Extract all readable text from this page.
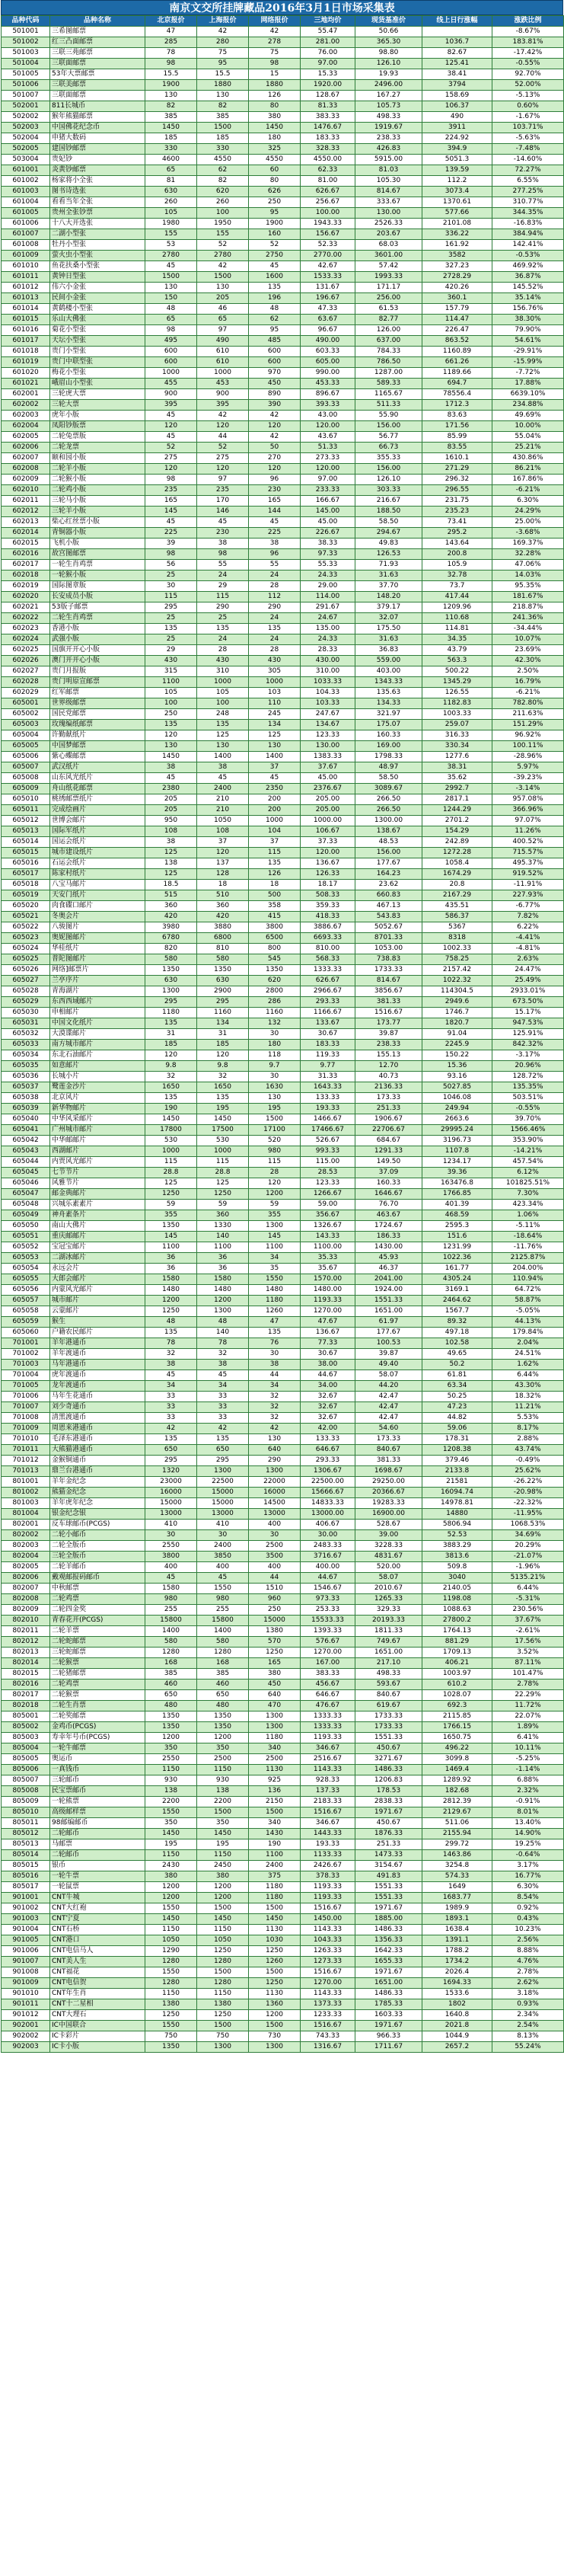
南京文交所挂牌藏品2016年3月1日市场采集表
品种代码	品种名称	北京报价	上海报价	网络报价	三地均价	现货基准价	线上日行涨幅	涨跌比例
501001	三希图邮票	47	42	42	55.47	50.66		-8.67%
501002	红三凸面邮票	285	280	278	281.00	365.30	1036.7	183.81%
501003	三联三苑邮票	78	75	75	76.00	98.80	82.67	-17.42%
501004	三联面邮票	98	95	98	97.00	126.10	125.41	-0.55%
501005	53年大票邮票	15.5	15.5	15	15.33	19.93	38.41	92.70%
501006	三联美邮票	1900	1880	1880	1920.00	2496.00	3794	52.00%
501007	三联面邮票	130	130	126	128.67	167.27	158.69	-5.13%
502001	811长城币	82	82	80	81.33	105.73	106.37	0.60%
502002	猴年熊猫邮票	385	385	380	383.33	498.33	490	-1.67%
502003	中国佛花纪念币	1450	1500	1450	1476.67	1919.67	3911	103.71%
502004	申猪大数码	185	185	180	183.33	238.33	224.92	-5.63%
502005	建国钞邮票	330	330	325	328.33	426.83	394.9	-7.48%
503004	贵妃钞	4600	4550	4550	4550.00	5915.00	5051.3	-14.60%
601001	炎黄钞邮票	65	62	60	62.33	81.03	139.59	72.27%
601002	杨家将小全张	81	82	80	81.00	105.30	112.2	6.55%
601003	图书诗选张	630	620	626	626.67	814.67	3073.4	277.25%
601004	看看当年全张	260	260	250	256.67	333.67	1370.61	310.77%
601005	贵州全张钞票	105	100	95	100.00	130.00	577.66	344.35%
601006	十八大开选张	1980	1950	1900	1943.33	2526.33	2101.08	-16.83%
601007	二湖小型张	155	155	160	156.67	203.67	336.22	384.94%
601008	牡丹小型张	53	52	52	52.33	68.03	161.92	142.41%
601009	萤火虫小型张	2780	2780	2750	2770.00	3601.00	3582	-0.53%
601010	鱼花扶桑小型张	45	42	45	42.67	57.42	327.23	469.92%
601011	黄钟日型张	1500	1500	1600	1533.33	1993.33	2728.29	36.87%
601012	伟六小金张	130	130	135	131.67	171.17	420.26	145.52%
601013	民间小金张	150	205	196	196.67	256.00	360.1	35.14%
601014	黄鹤楼小型张	48	46	48	47.33	61.53	157.79	156.76%
601015	乐山大佛张	65	65	62	63.67	82.77	114.47	38.30%
601016	菊花小型张	98	97	95	96.67	126.00	226.47	79.90%
601017	天坛小型张	495	490	485	490.00	637.00	863.52	54.61%
601018	贵门小型张	600	610	600	603.33	784.33	1160.89	-29.91%
601019	贵门中联型张	600	610	600	605.00	786.50	661.26	-15.99%
601020	梅花小型张	1000	1000	970	990.00	1287.00	1189.66	-7.72%
601021	峨眉山小型张	455	453	450	453.33	589.33	694.7	17.88%
602001	三轮虎大票	900	900	890	896.67	1165.67	78556.4	6639.10%
602002	三轮大票	395	395	390	393.33	511.33	1712.3	234.88%
602003	虎年小版	45	42	42	43.00	55.90	83.63	49.69%
602004	凤阳钞版票	120	120	120	120.00	156.00	171.56	10.00%
602005	二轮兔票版	45	44	42	43.67	56.77	85.99	55.04%
602006	二轮龙票	52	52	50	51.33	66.73	83.55	25.21%
602007	颐和园小版	275	275	270	273.33	355.33	1610.1	430.86%
602008	二轮羊小版	120	120	120	120.00	156.00	271.29	86.21%
602009	二轮猴小版	98	97	96	97.00	126.10	296.32	167.86%
602010	二轮鸡小版	235	235	230	233.33	303.33	296.55	-6.21%
602011	三轮马小版	165	170	165	166.67	216.67	231.75	6.30%
602012	三轮羊小版	145	146	144	145.00	188.50	235.23	24.29%
602013	柴心红丝票小版	45	45	45	45.00	58.50	73.41	25.00%
602014	青铜器小版	225	230	225	226.67	294.67	295.2	-3.68%
602015	飞机小版	39	38	38	38.33	49.83	143.64	169.37%
602016	故宫图邮票	98	98	96	97.33	126.53	200.8	32.28%
602017	一轮生肖鸡票	56	55	55	55.33	71.93	105.9	47.06%
602018	一轮猴小版	25	24	24	24.33	31.63	32.78	14.03%
602019	国际图章版	30	29	28	29.00	37.70	73.7	95.35%
602020	长安成员小版	115	115	112	114.00	148.20	417.44	181.67%
602021	53版子邮票	295	290	290	291.67	379.17	1209.96	218.87%
602022	二轮生肖鸡票	25	25	24	24.67	32.07	110.68	241.36%
602023	香港小版	135	135	135	135.00	175.50	114.81	-34.44%
602024	武强小版	25	24	24	24.33	31.63	34.35	10.07%
602025	国旗开开心小版	29	28	28	28.33	36.83	43.79	23.69%
602026	澳门开开心小版	430	430	430	430.00	559.00	563.3	42.30%
602027	贵门月报版	315	310	305	310.00	403.00	500.22	2.50%
602028	贵门明原宣邮票	1100	1000	1000	1033.33	1343.33	1345.29	16.79%
602029	红军邮票	105	105	103	104.33	135.63	126.55	-6.21%
605001	世界级邮票	100	100	110	103.33	134.33	1182.83	782.80%
605002	国民党邮票	250	248	245	247.67	321.97	1003.33	211.63%
605003	玫瑰编纸邮票	135	135	134	134.67	175.07	259.07	151.29%
605004	许勤献纸片	120	125	125	123.33	160.33	316.33	96.92%
605005	中国梦邮票	130	130	130	130.00	169.00	330.34	100.11%
605006	紫心蝶邮票	1450	1400	1400	1383.33	1798.33	1277.6	-28.96%
605007	武汉纸片	38	38	37	37.67	48.97	38.31	5.97%
605008	山东风光纸片	45	45	45	45.00	58.50	35.62	-39.23%
605009	舟山纸花邮票	2380	2400	2350	2376.67	3089.67	2992.7	-3.14%
605010	桃绣邮票纸片	205	210	200	205.00	266.50	2817.1	957.08%
605011	完成绘画片	205	210	200	205.00	266.50	1244.29	366.96%
605012	世博会邮片	950	1050	1000	1000.00	1300.00	2701.2	97.07%
605013	国际军纸片	108	108	104	106.67	138.67	154.29	11.26%
605014	国运会纸片	38	37	37	37.33	48.53	242.89	400.52%
605015	城市建设纸片	125	120	115	120.00	156.00	1272.28	715.57%
605016	石运会纸片	138	137	135	136.67	177.67	1058.4	495.37%
605017	陈家村纸片	125	128	126	126.33	164.23	1674.29	919.52%
605018	八宝马邮片	18.5	18	18	18.17	23.62	20.8	-11.91%
605019	天安门纸片	515	510	500	508.33	660.83	2167.29	227.93%
605020	肉食碟口邮片	360	360	358	359.33	467.13	435.51	-6.77%
605021	冬奥会片	420	420	415	418.33	543.83	586.37	7.82%
605022	八骏图片	3980	3880	3800	3886.67	5052.67	5367	6.22%
605023	奥妮图邮片	6780	6800	6500	6693.33	8701.33	8318	-4.41%
605024	华桂纸片	820	810	800	810.00	1053.00	1002.33	-4.81%
605025	普陀图邮片	580	580	545	568.33	738.83	758.25	2.63%
605026	网络]邮票片	1350	1350	1350	1333.33	1733.33	2157.42	24.47%
605027	兰亭序片	630	630	620	626.67	814.67	1022.32	25.49%
605028	青海湖片	1300	2900	2800	2966.67	3856.67	114304.5	2933.01%
605029	东西西域邮片	295	295	286	293.33	381.33	2949.6	673.50%
605030	申相邮片	1180	1160	1160	1166.67	1516.67	1746.7	15.17%
605031	中国文化纸片	135	134	132	133.67	173.77	1820.7	947.53%
605032	大漠谍邮片	31	31	30	30.67	39.87	91.04	125.91%
605033	南方城市邮片	185	185	180	183.33	238.33	2245.9	842.32%
605034	东北石油邮片	120	120	118	119.33	155.13	150.22	-3.17%
605035	如意邮片	9.8	9.8	9.7	9.77	12.70	15.36	20.96%
605036	长城小片	32	32	30	31.33	40.73	93.16	128.72%
605037	鹭莲金沙片	1650	1650	1630	1643.33	2136.33	5027.85	135.35%
605038	北京风片	135	135	130	133.33	173.33	1046.08	503.51%
605039	新华物邮片	190	195	195	193.33	251.33	249.94	-0.55%
605040	中华风采邮片	1450	1450	1500	1466.67	1906.67	2663.6	39.70%
605041	广州城市邮片	17800	17500	17100	17466.67	22706.67	29995.24	1566.46%
605042	中华邮邮片	530	530	520	526.67	684.67	3196.73	353.90%
605043	西湖邮片	1000	1000	980	993.33	1291.33	1107.8	-14.21%
605044	内贾风光邮片	115	115	115	115.00	149.50	1234.17	457.54%
605045	七节节片	28.8	28.8	28	28.53	37.09	39.36	6.12%
605046	风雅节片	125	125	120	123.33	160.33	163476.8	101825.51%
605047	邮金典邮片	1250	1250	1200	1266.67	1646.67	1766.85	7.30%
605048	兴城乐素素片	59	59	59	59.00	76.70	401.39	423.34%
605049	神舟素条片	355	360	355	356.67	463.67	468.59	1.06%
605050	南山大佛片	1350	1330	1300	1326.67	1724.67	2595.3	-5.11%
605051	重庆邮邮片	145	140	145	143.33	186.33	151.6	-18.64%
605052	宝冠宝邮片	1100	1100	1100	1100.00	1430.00	1231.99	-11.76%
605053	二湖冰邮片	36	36	34	35.33	45.93	1022.36	2125.87%
605054	永远会片	36	36	35	35.67	46.37	161.77	204.00%
605055	大郎会邮片	1580	1580	1550	1570.00	2041.00	4305.24	110.94%
605056	内蒙风光邮片	1480	1480	1480	1480.00	1924.00	3169.1	64.72%
605057	城市邮片	1200	1200	1180	1193.33	1551.33	2464.62	58.87%
605058	云蒙邮片	1250	1300	1260	1270.00	1651.00	1567.7	-5.05%
605059	猴生	48	48	47	47.67	61.97	89.32	44.13%
605060	户籍农民邮片	135	140	135	136.67	177.67	497.18	179.84%
701001	羊年港通币	78	78	76	77.33	100.53	102.58	2.04%
701002	羊年渡通币	32	32	30	30.67	39.87	49.65	24.51%
701003	马年港通币	38	38	38	38.00	49.40	50.2	1.62%
701004	虎年渡通币	45	45	44	44.67	58.07	61.81	6.44%
701005	龙年渡通币	34	34	34	34.00	44.20	63.34	43.30%
701006	马年生花通币	33	33	32	32.67	42.47	50.25	18.32%
701007	刘少奇通币	33	33	32	32.67	42.47	47.23	11.21%
701008	清黑渡通币	33	33	32	32.67	42.47	44.82	5.53%
701009	周恩来港通币	42	42	42	42.00	54.60	59.06	8.17%
701010	毛泽东港通币	135	135	130	133.33	173.33	178.31	2.88%
701011	大熊猫港通币	650	650	640	646.67	840.67	1208.38	43.74%
701012	金猴铜通币	295	295	290	293.33	381.33	379.46	-0.49%
701013	鼎兰台港通币	1320	1300	1300	1306.67	1698.67	2133.8	25.62%
801001	羊年金纪念	23000	22500	22000	22500.00	29250.00	21581	-26.22%
801002	熊猫金纪念	16000	15000	16000	15666.67	20366.67	16094.74	-20.98%
801003	羊年虎年纪念	15000	15000	14500	14833.33	19283.33	14978.81	-22.32%
801004	银金纪念银	13000	13000	13000	13000.00	16900.00	14880	-11.95%
802001	反车球邮币(PCGS)	410	410	400	406.67	528.67	5806.94	1068.53%
802002	二轮小邮币	30	30	30	30.00	39.00	52.53	34.69%
802003	二轮全版币	2550	2400	2500	2483.33	3228.33	3883.29	20.29%
802004	三轮全版币	3800	3850	3500	3716.67	4831.67	3813.6	-21.07%
802005	二轮羊邮币	400	400	400	400.00	520.00	509.8	-1.96%
802006	戴观邮报码邮币	45	45	44	44.67	58.07	3040	5135.21%
802007	中秋邮票	1580	1550	1510	1546.67	2010.67	2140.05	6.44%
802008	二轮鸡票	980	980	960	973.33	1265.33	1198.08	-5.31%
802009	二轮四金奖	255	255	250	253.33	329.33	1088.63	230.56%
802010	青春花开(PCGS)	15800	15800	15000	15533.33	20193.33	27800.2	37.67%
802011	二轮羊票	1400	1400	1380	1393.33	1811.33	1764.13	-2.61%
802012	二轮蛇邮票	580	580	570	576.67	749.67	881.29	17.56%
802013	三轮蛇邮票	1280	1280	1250	1270.00	1651.00	1709.13	3.52%
802014	二轮猴票	168	168	165	167.00	217.10	406.21	87.11%
802015	二轮猪邮票	385	385	380	383.33	498.33	1003.97	101.47%
802016	二轮鸡票	460	460	450	456.67	593.67	610.2	2.78%
802017	二轮猴票	650	650	640	646.67	840.67	1028.07	22.29%
802018	二轮生肖票	480	480	470	476.67	619.67	692.3	11.72%
805001	二轮奖邮票	1350	1350	1300	1333.33	1733.33	2115.85	22.07%
805002	金鸡币(PCGS)	1350	1350	1300	1333.33	1733.33	1766.15	1.89%
805003	寿幸年号币(PCGS)	1200	1200	1180	1193.33	1551.33	1650.75	6.41%
805004	一轮牛邮票	350	350	340	346.67	450.67	496.22	10.11%
805005	奥运币	2550	2500	2500	2516.67	3271.67	3099.8	-5.25%
805006	一真钱币	1150	1150	1130	1143.33	1486.33	1469.4	-1.14%
805007	三轮邮币	930	930	925	928.33	1206.83	1289.92	6.88%
805008	民宝票邮币	138	138	136	137.33	178.53	182.68	2.32%
805009	一轮熊票	2200	2200	2150	2183.33	2838.33	2812.39	-0.91%
805010	高级邮样票	1550	1500	1500	1516.67	1971.67	2129.67	8.01%
805011	98邮编邮币	350	350	340	346.67	450.67	511.06	13.40%
805012	二轮邮币	1450	1450	1430	1443.33	1876.33	2155.94	14.90%
805013	马邮票	195	195	190	193.33	251.33	299.72	19.25%
805014	二轮邮币	1150	1150	1100	1133.33	1473.33	1463.86	-0.64%
805015	银币	2430	2450	2400	2426.67	3154.67	3254.8	3.17%
805016	一轮牛票	380	380	375	378.33	491.83	574.33	16.77%
805017	一轮鼠票	1200	1200	1180	1193.33	1551.33	1649	6.30%
901001	CNT牛城	1200	1200	1180	1193.33	1551.33	1683.77	8.54%
901002	CNT大红袍	1550	1500	1500	1516.67	1971.67	1989.9	0.92%
901003	CNT宁夏	1450	1450	1450	1450.00	1885.00	1893.1	0.43%
901004	CNT石桥	1150	1150	1130	1143.33	1486.33	1638.4	10.23%
901005	CNT港口	1050	1050	1030	1043.33	1356.33	1391.1	2.56%
901006	CNT电信马人	1290	1250	1250	1263.33	1642.33	1788.2	8.88%
901007	CNT美人生	1280	1280	1260	1273.33	1655.33	1734.2	4.76%
901008	CNT福花	1550	1500	1500	1516.67	1971.67	2026.4	2.78%
901009	CNT电信贺	1280	1280	1250	1270.00	1651.00	1694.33	2.62%
901010	CNT年生肖	1150	1150	1130	1143.33	1486.33	1533.6	3.18%
901011	CNT十二星相	1380	1380	1360	1373.33	1785.33	1802	0.93%
901012	CNT大理石	1250	1250	1200	1233.33	1603.33	1640.8	2.34%
902001	IC中国联合	1550	1500	1500	1516.67	1971.67	2021.8	2.54%
902002	IC卡彩片	750	750	730	743.33	966.33	1044.9	8.13%
902003	IC卡小版	1350	1300	1300	1316.67	1711.67	2657.2	55.24%
